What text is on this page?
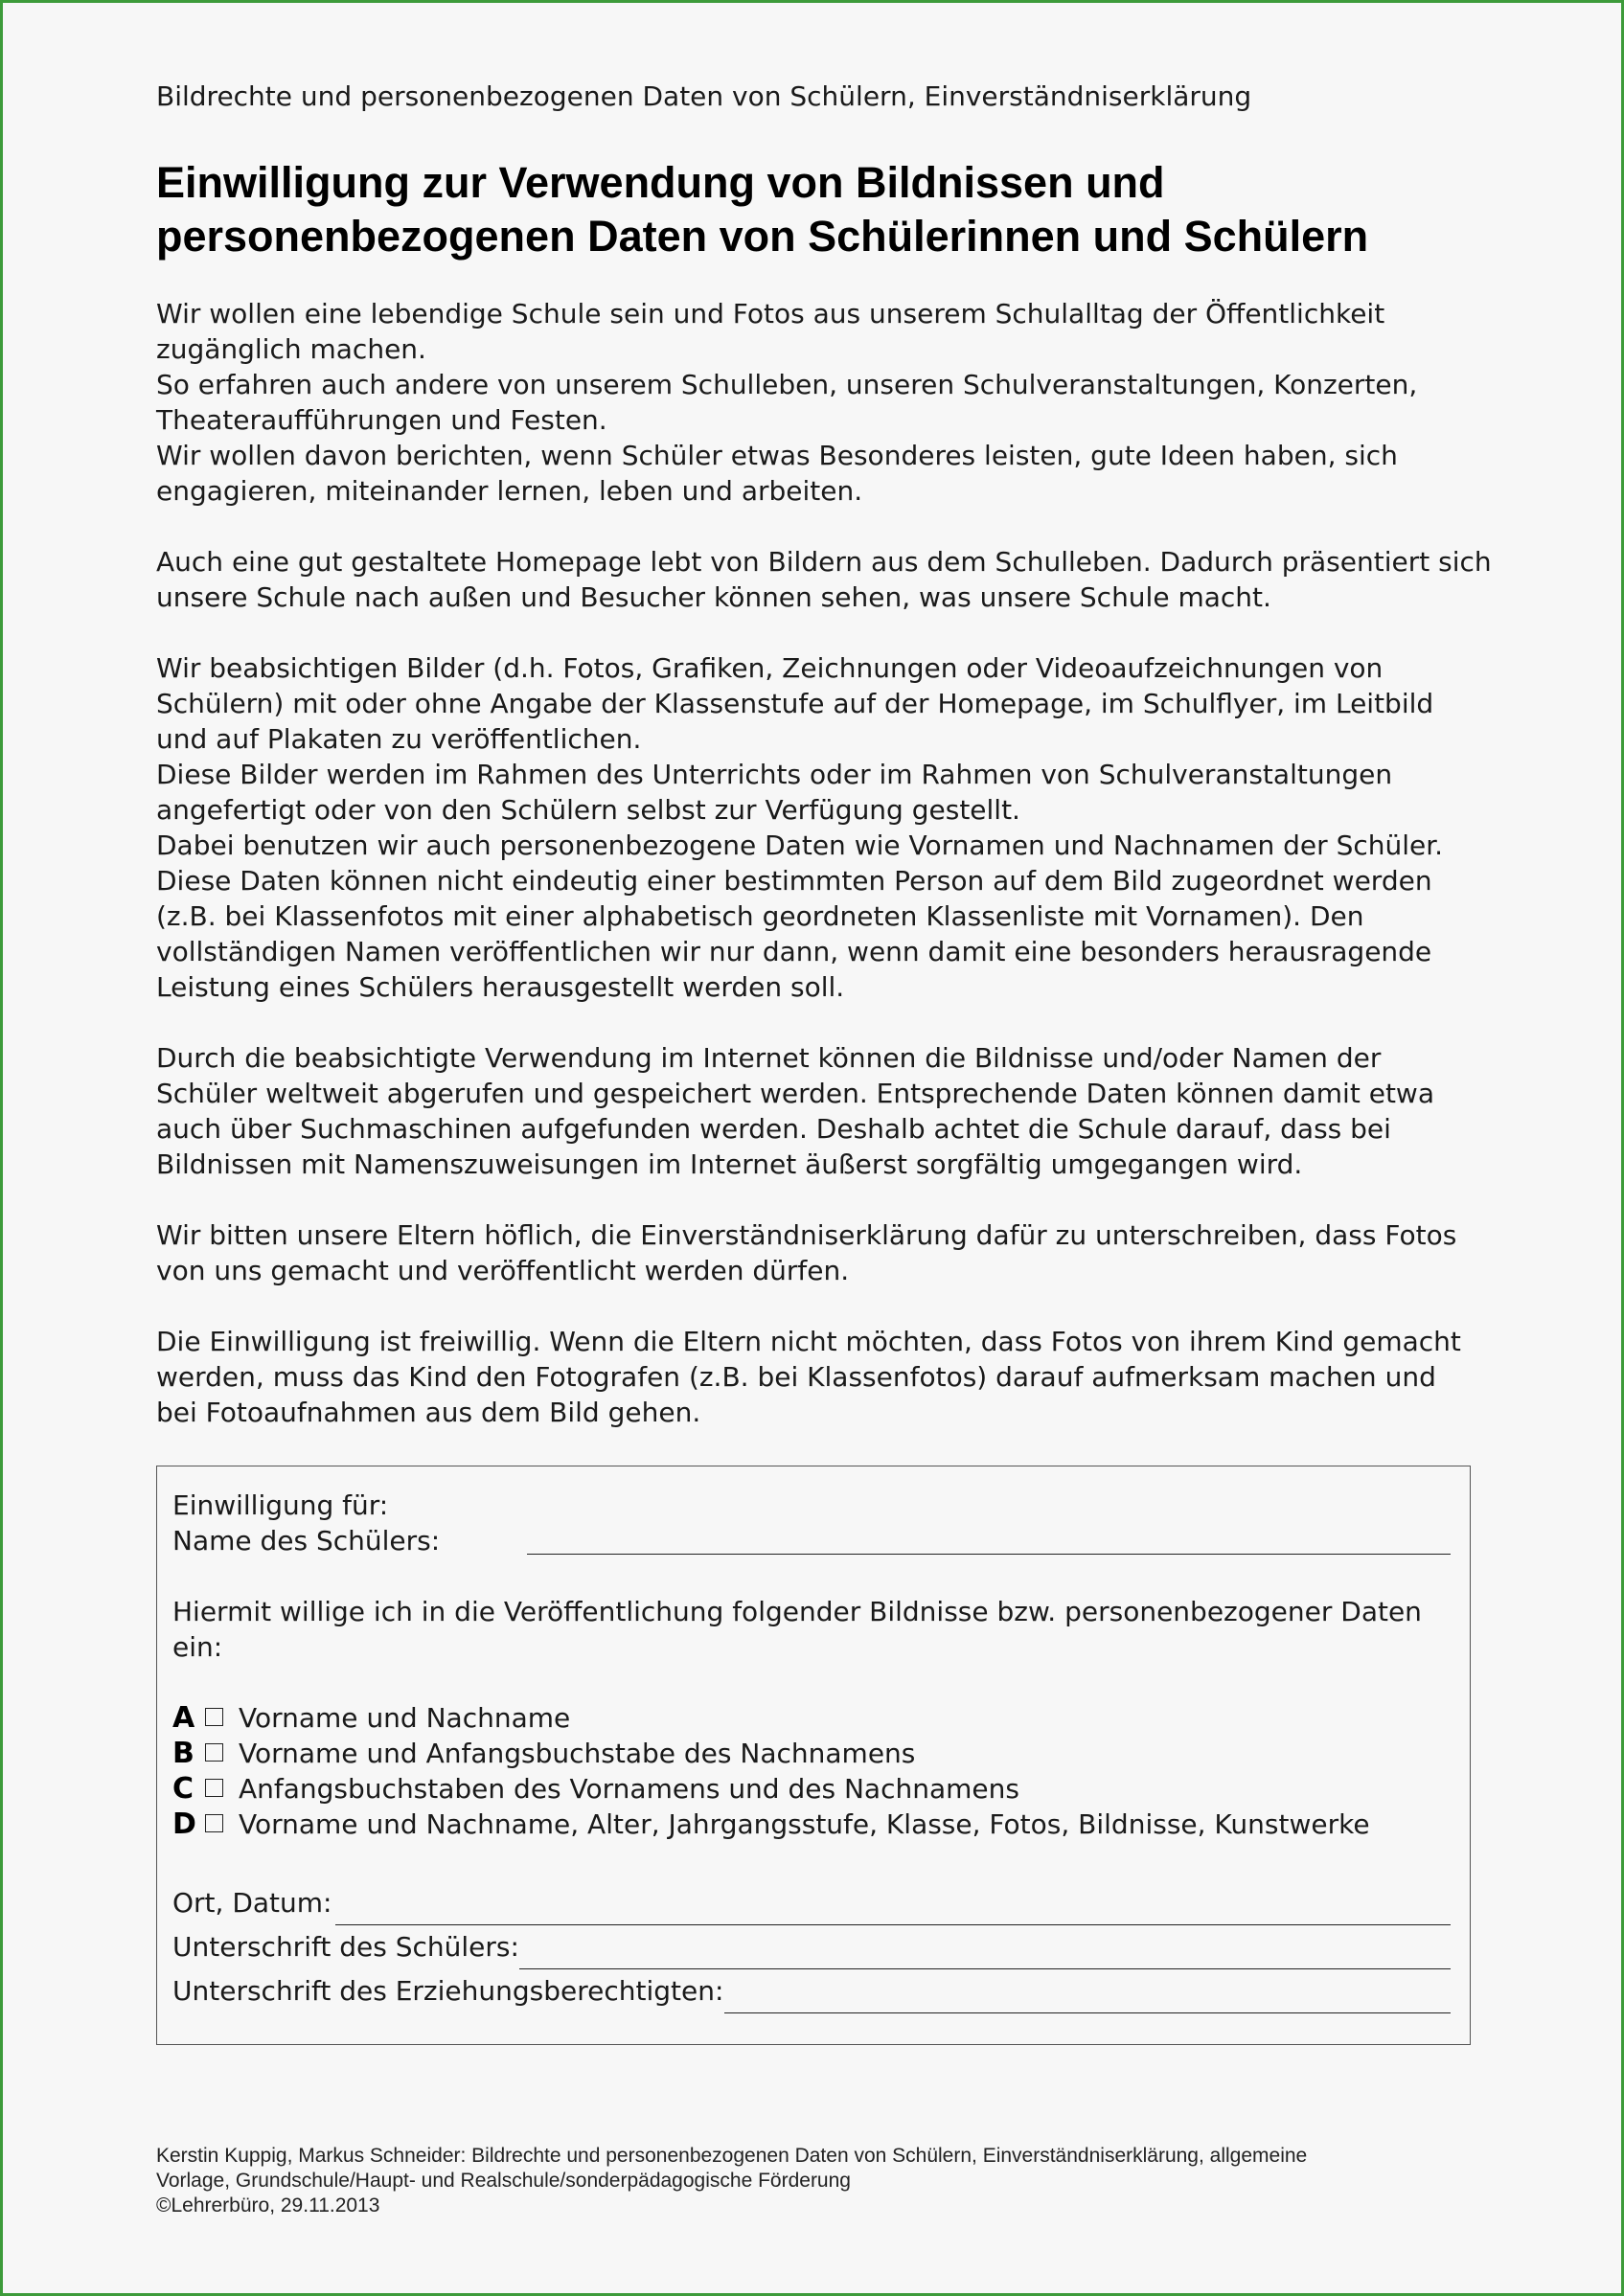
Bildrechte und personenbezogenen Daten von Schülern, Einverständniserklärung
Einwilligung zur Verwendung von Bildnissen und
personenbezogenen Daten von Schülerinnen und Schülern

Wir wollen eine lebendige Schule sein und Fotos aus unserem Schulalltag der Öffentlichkeit
zugänglich machen.
So erfahren auch andere von unserem Schulleben, unseren Schulveranstaltungen, Konzerten,
Theateraufführungen und Festen.
Wir wollen davon berichten, wenn Schüler etwas Besonderes leisten, gute Ideen haben, sich
engagieren, miteinander lernen, leben und arbeiten.

Auch eine gut gestaltete Homepage lebt von Bildern aus dem Schulleben. Dadurch präsentiert sich
unsere Schule nach außen und Besucher können sehen, was unsere Schule macht.

Wir beabsichtigen Bilder (d.h. Fotos, Grafiken, Zeichnungen oder Videoaufzeichnungen von
Schülern) mit oder ohne Angabe der Klassenstufe auf der Homepage, im Schulflyer, im Leitbild
und auf Plakaten zu veröffentlichen.
Diese Bilder werden im Rahmen des Unterrichts oder im Rahmen von Schulveranstaltungen
angefertigt oder von den Schülern selbst zur Verfügung gestellt.
Dabei benutzen wir auch personenbezogene Daten wie Vornamen und Nachnamen der Schüler.
Diese Daten können nicht eindeutig einer bestimmten Person auf dem Bild zugeordnet werden
(z.B. bei Klassenfotos mit einer alphabetisch geordneten Klassenliste mit Vornamen). Den
vollständigen Namen veröffentlichen wir nur dann, wenn damit eine besonders herausragende
Leistung eines Schülers herausgestellt werden soll.

Durch die beabsichtigte Verwendung im Internet können die Bildnisse und/oder Namen der
Schüler weltweit abgerufen und gespeichert werden. Entsprechende Daten können damit etwa
auch über Suchmaschinen aufgefunden werden. Deshalb achtet die Schule darauf, dass bei
Bildnissen mit Namenszuweisungen im Internet äußerst sorgfältig umgegangen wird.

Wir bitten unsere Eltern höflich, die Einverständniserklärung dafür zu unterschreiben, dass Fotos
von uns gemacht und veröffentlicht werden dürfen.

Die Einwilligung ist freiwillig. Wenn die Eltern nicht möchten, dass Fotos von ihrem Kind gemacht
werden, muss das Kind den Fotografen (z.B. bei Klassenfotos) darauf aufmerksam machen und
bei Fotoaufnahmen aus dem Bild gehen.

Einwilligung für:
Name des Schülers:
Hiermit willige ich in die Veröffentlichung folgender Bildnisse bzw. personenbezogener Daten
ein:
A Vorname und Nachname
B Vorname und Anfangsbuchstabe des Nachnamens
C Anfangsbuchstaben des Vornamens und des Nachnamens
D Vorname und Nachname, Alter, Jahrgangsstufe, Klasse, Fotos, Bildnisse, Kunstwerke
Ort, Datum:
Unterschrift des Schülers:
Unterschrift des Erziehungsberechtigten:
Kerstin Kuppig, Markus Schneider: Bildrechte und personenbezogenen Daten von Schülern, Einverständniserklärung, allgemeine
Vorlage, Grundschule/Haupt- und Realschule/sonderpädagogische Förderung
©Lehrerbüro, 29.11.2013
